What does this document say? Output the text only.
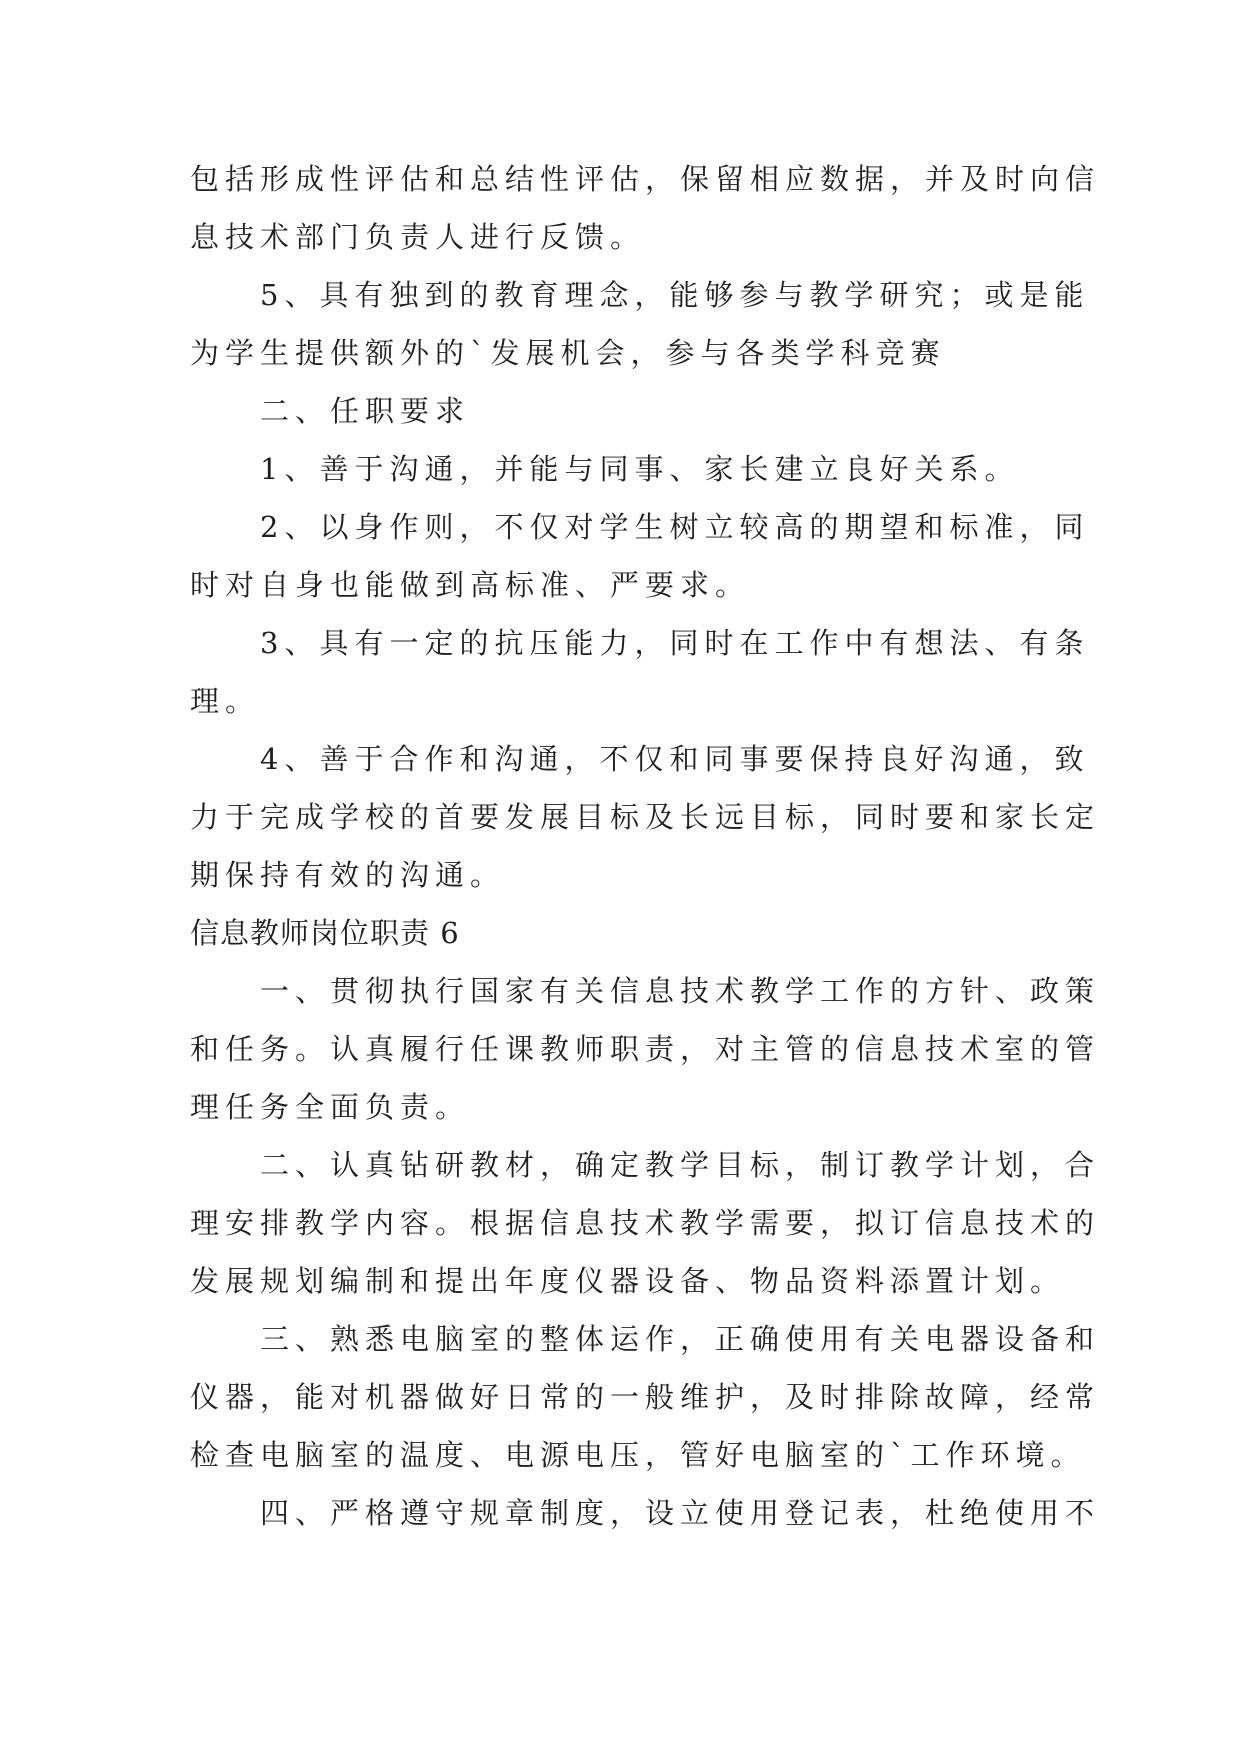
包括形成性评估和总结性评估，保留相应数据，并及时向信
息技术部门负责人进行反馈。
5、具有独到的教育理念，能够参与教学研究；或是能
为学生提供额外的`发展机会，参与各类学科竞赛
二、任职要求
1、善于沟通，并能与同事、家长建立良好关系。
2、以身作则，不仅对学生树立较高的期望和标准，同
时对自身也能做到高标准、严要求。
3、具有一定的抗压能力，同时在工作中有想法、有条
理。
4、善于合作和沟通，不仅和同事要保持良好沟通，致
力于完成学校的首要发展目标及长远目标，同时要和家长定
期保持有效的沟通。
信息教师岗位职责 6
一、贯彻执行国家有关信息技术教学工作的方针、政策
和任务。认真履行任课教师职责，对主管的信息技术室的管
理任务全面负责。
二、认真钻研教材，确定教学目标，制订教学计划，合
理安排教学内容。根据信息技术教学需要，拟订信息技术的
发展规划编制和提出年度仪器设备、物品资料添置计划。
三、熟悉电脑室的整体运作，正确使用有关电器设备和
仪器，能对机器做好日常的一般维护，及时排除故障，经常
检查电脑室的温度、电源电压，管好电脑室的`工作环境。
四、严格遵守规章制度，设立使用登记表，杜绝使用不
